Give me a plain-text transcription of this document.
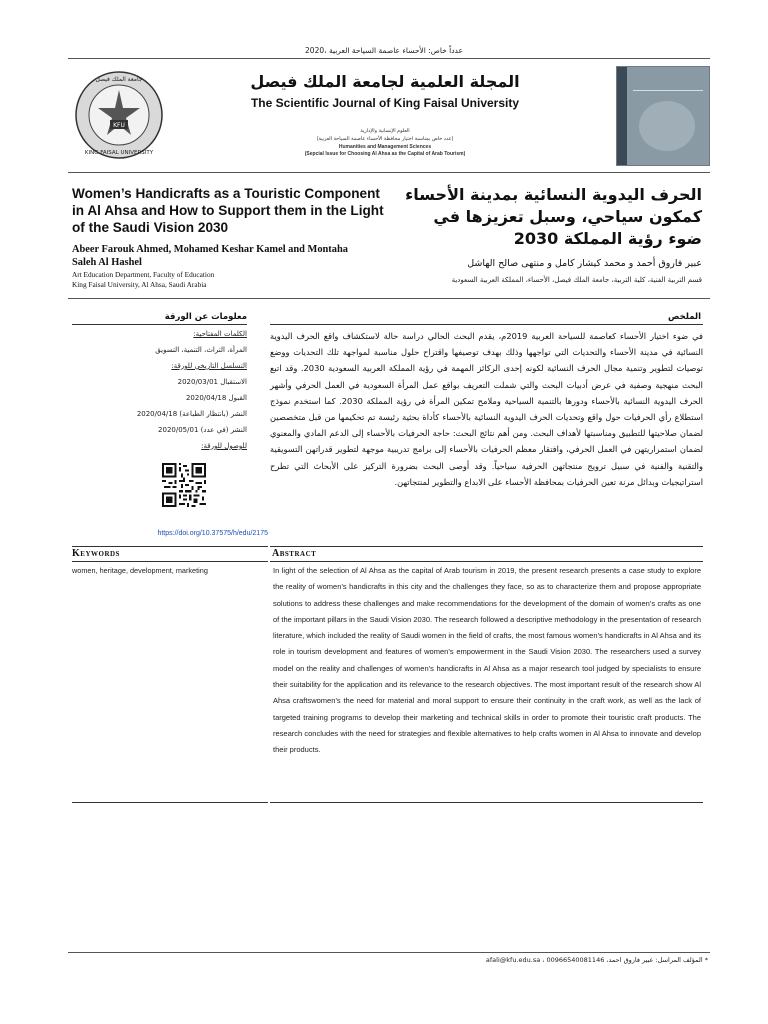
2020، عدداً خاص: الأحساء عاصمة السياحة العربية
KFU
جامعة الملك فيصل
KING FAISAL UNIVERSITY
المجلة العلمية لجامعة الملك فيصل
The Scientific Journal of King Faisal University
العلوم الإنسانية والإدارية
(عدد خاص بمناسبة اختيار محافظة الأحساء عاصمة السياحة العربية)
Humanities and Management Sciences
(Sepcial Issue for Choosing Al Ahsa as the Capital of Arab Tourism)
Women’s Handicrafts as a Touristic Component in Al Ahsa and How to Support them in the Light of the Saudi Vision 2030
الحرف اليدوية النسائية بمدينة الأحساء كمكون سياحي، وسبل تعزيزها في ضوء رؤية المملكة 2030
Abeer Farouk Ahmed, Mohamed Keshar Kamel and Montaha Saleh Al Hashel
Art Education Department, Faculty of Education
King Faisal University, Al Ahsa, Saudi Arabia
عبير فاروق أحمد و محمد كيشار كامل و منتهى صالح الهاشل
قسم التربية الفنية، كلية التربية، جامعة الملك فيصل، الأحساء، المملكة العربية السعودية
معلومات عن الورقة
الكلمات المفتاحية:
المرأة، التراث، التنمية، التسويق
التسلسل التاريخي للورقة:
الاستقبال 2020/03/01
القبول 2020/04/18
النشر (بانتظار الطباعة) 2020/04/18
النشر (في عدد) 2020/05/01
للوصول للورقة:
https://doi.org/10.37575/h/edu/2175
الملخص
في ضوء اختيار الأحساء كعاصمة للسياحة العربية 2019م، يقدم البحث الحالي دراسة حالة لاستكشاف واقع الحرف اليدوية النسائية في مدينة الأحساء والتحديات التي تواجهها وذلك بهدف توصيفها واقتراح حلول مناسبة لمواجهة تلك التحديات ووضع توصيات لتطوير وتنمية مجال الحرف النسائية لكونه إحدى الركائز المهمة في رؤية المملكة العربية السعودية 2030. وقد اتبع البحث منهجية وصفية في عرض أدبيات البحث والتي شملت التعريف بواقع عمل المرأة السعودية في العمل الحرفي وأشهر الحرف اليدوية النسائية بالأحساء ودورها بالتنمية السياحية وملامح تمكين المرأة في رؤية المملكة 2030. كما استخدم نموذج استطلاع رأي الحرفيات حول واقع وتحديات الحرف اليدوية النسائية بالأحساء كأداة بحثية رئيسة تم تحكيمها من قبل متخصصين لضمان صلاحيتها للتطبيق ومناسبتها لأهداف البحث. ومن أهم نتائج البحث: حاجة الحرفيات بالأحساء إلى الدعم المادي والمعنوي لضمان استمراريتهن في العمل الحرفي، وافتقار معظم الحرفيات بالأحساء إلى برامج تدريبية موجهة لتطوير قدراتهن التسويقية والتقنية والفنية في سبيل ترويج منتجاتهن الحرفية سياحياً. وقد أوصى البحث بضرورة التركيز على الأبحاث التي تطرح استراتيجيات وبدائل مرنة تعين الحرفيات بمحافظة الأحساء على الابداع والتطوير لمنتجاتهن.
Keywords
women, heritage, development, marketing
Abstract
In light of the selection of Al Ahsa as the capital of Arab tourism in 2019, the present research presents a case study to explore the reality of women’s handicrafts in this city and the challenges they face, so as to characterize them and propose appropriate solutions to address these challenges and make recommendations for the development of the domain of women’s crafts as one of the important pillars in the Saudi Vision 2030. The research followed a descriptive methodology in the presentation of research literature, which included the reality of Saudi women in the field of crafts, the most famous women’s handicrafts in Al Ahsa and its role in tourism development and features of women’s empowerment in the Saudi Vision 2030. The researchers used a survey model on the reality and challenges of women’s handicrafts in Al Ahsa as a major research tool judged by specialists to ensure their suitability for the application and its relevance to the research objectives. The most important result of the research show Al Ahsa craftswomen’s the need for material and moral support to ensure their continuity in the craft work, as well as the lack of targeted training programs to develop their marketing and technical skills in order to promote their touristic craft products. The research concludes with the need for strategies and flexible alternatives to help crafts women in Al Ahsa to innovate and develop their products.
* المؤلف المراسل: عبير فاروق احمد، 00966540081146 ، afali@kfu.edu.sa
